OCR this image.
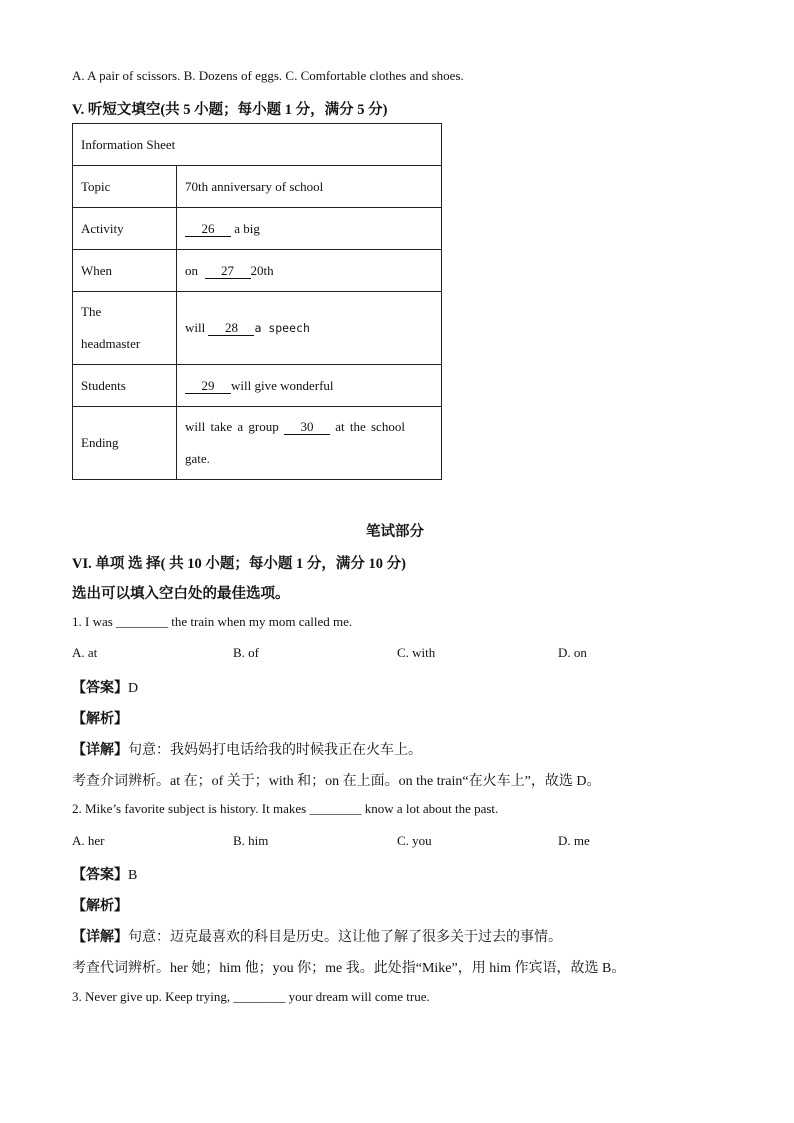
A. A pair of scissors. B. Dozens of eggs. C. Comfortable clothes and shoes.
V. 听短文填空(共 5 小题；每小题 1 分，满分 5 分)
Information Sheet	
Topic	70th anniversary of school
Activity	26 a big
When	on  27 20th
The
headmaster	will 28 a speech
Students	29 will give wonderful
Ending	will take a group 30 at the school
gate.
笔试部分
VI. 单项 选 择( 共 10 小题；每小题 1 分，满分 10 分)
选出可以填入空白处的最佳选项。
1. I was ________ the train when my mom called me.
A. at	B. of	C. with	D. on
【答案】D
【解析】
【详解】句意：我妈妈打电话给我的时候我正在火车上。
考查介词辨析。at 在；of 关于；with 和；on 在上面。on the train“在火车上”，故选 D。
2. Mike’s favorite subject is history. It makes ________ know a lot about the past.
A. her	B. him	C. you	D. me
【答案】B
【解析】
【详解】句意：迈克最喜欢的科目是历史。这让他了解了很多关于过去的事情。
考查代词辨析。her 她；him 他；you 你；me 我。此处指“Mike”，用 him 作宾语，故选 B。
3. Never give up. Keep trying, ________ your dream will come true.
